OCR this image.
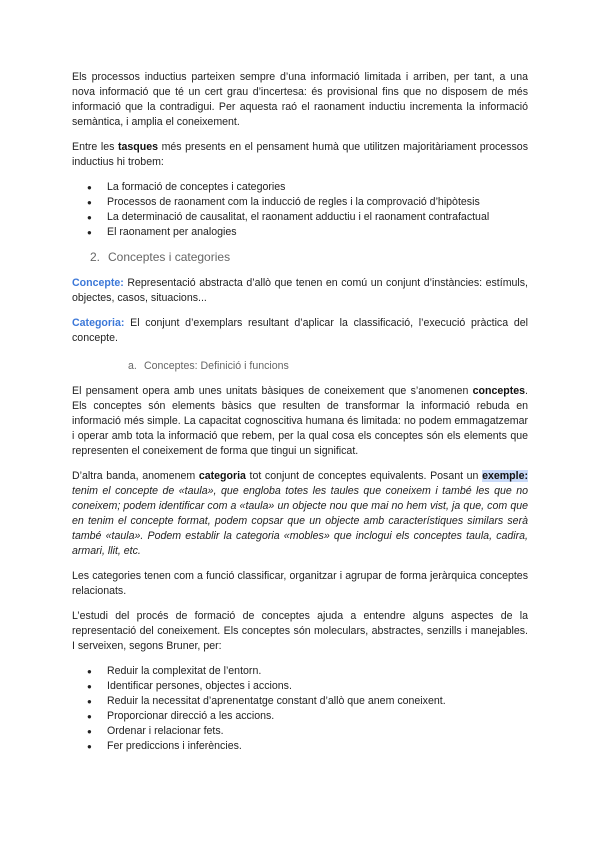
Els processos inductius parteixen sempre d’una informació limitada i arriben, per tant, a una nova informació que té un cert grau d’incertesa: és provisional fins que no disposem de més informació que la contradigui. Per aquesta raó el raonament inductiu incrementa la informació semàntica, i amplia el coneixement.

Entre les tasques més presents en el pensament humà que utilitzen majoritàriament processos inductius hi trobem:

● La formació de conceptes i categories
● Processos de raonament com la inducció de regles i la comprovació d’hipòtesis
● La determinació de causalitat, el raonament adductiu i el raonament contrafactual
● El raonament per analogies
2. Conceptes i categories

Concepte: Representació abstracta d’allò que tenen en comú un conjunt d’instàncies: estímuls, objectes, casos, situacions...

Categoria: El conjunt d’exemplars resultant d’aplicar la classificació, l’execució pràctica del concepte.

a. Conceptes: Definició i funcions

El pensament opera amb unes unitats bàsiques de coneixement que s’anomenen conceptes. Els conceptes són elements bàsics que resulten de transformar la informació rebuda en informació més simple. La capacitat cognoscitiva humana és limitada: no podem emmagatzemar i operar amb tota la informació que rebem, per la qual cosa els conceptes són els elements que representen el coneixement de forma que tingui un significat.

D’altra banda, anomenem categoria tot conjunt de conceptes equivalents. Posant un exemple: tenim el concepte de «taula», que engloba totes les taules que coneixem i també les que no coneixem; podem identificar com a «taula» un objecte nou que mai no hem vist, ja que, com que en tenim el concepte format, podem copsar que un objecte amb característiques similars serà també «taula». Podem establir la categoria «mobles» que inclogui els conceptes taula, cadira, armari, llit, etc.

Les categories tenen com a funció classificar, organitzar i agrupar de forma jeràrquica conceptes relacionats.

L’estudi del procés de formació de conceptes ajuda a entendre alguns aspectes de la representació del coneixement. Els conceptes són moleculars, abstractes, senzills i manejables. I serveixen, segons Bruner, per:

● Reduir la complexitat de l’entorn.
● Identificar persones, objectes i accions.
● Reduir la necessitat d’aprenentatge constant d’allò que anem coneixent.
● Proporcionar direcció a les accions.
● Ordenar i relacionar fets.
● Fer prediccions i inferències.
